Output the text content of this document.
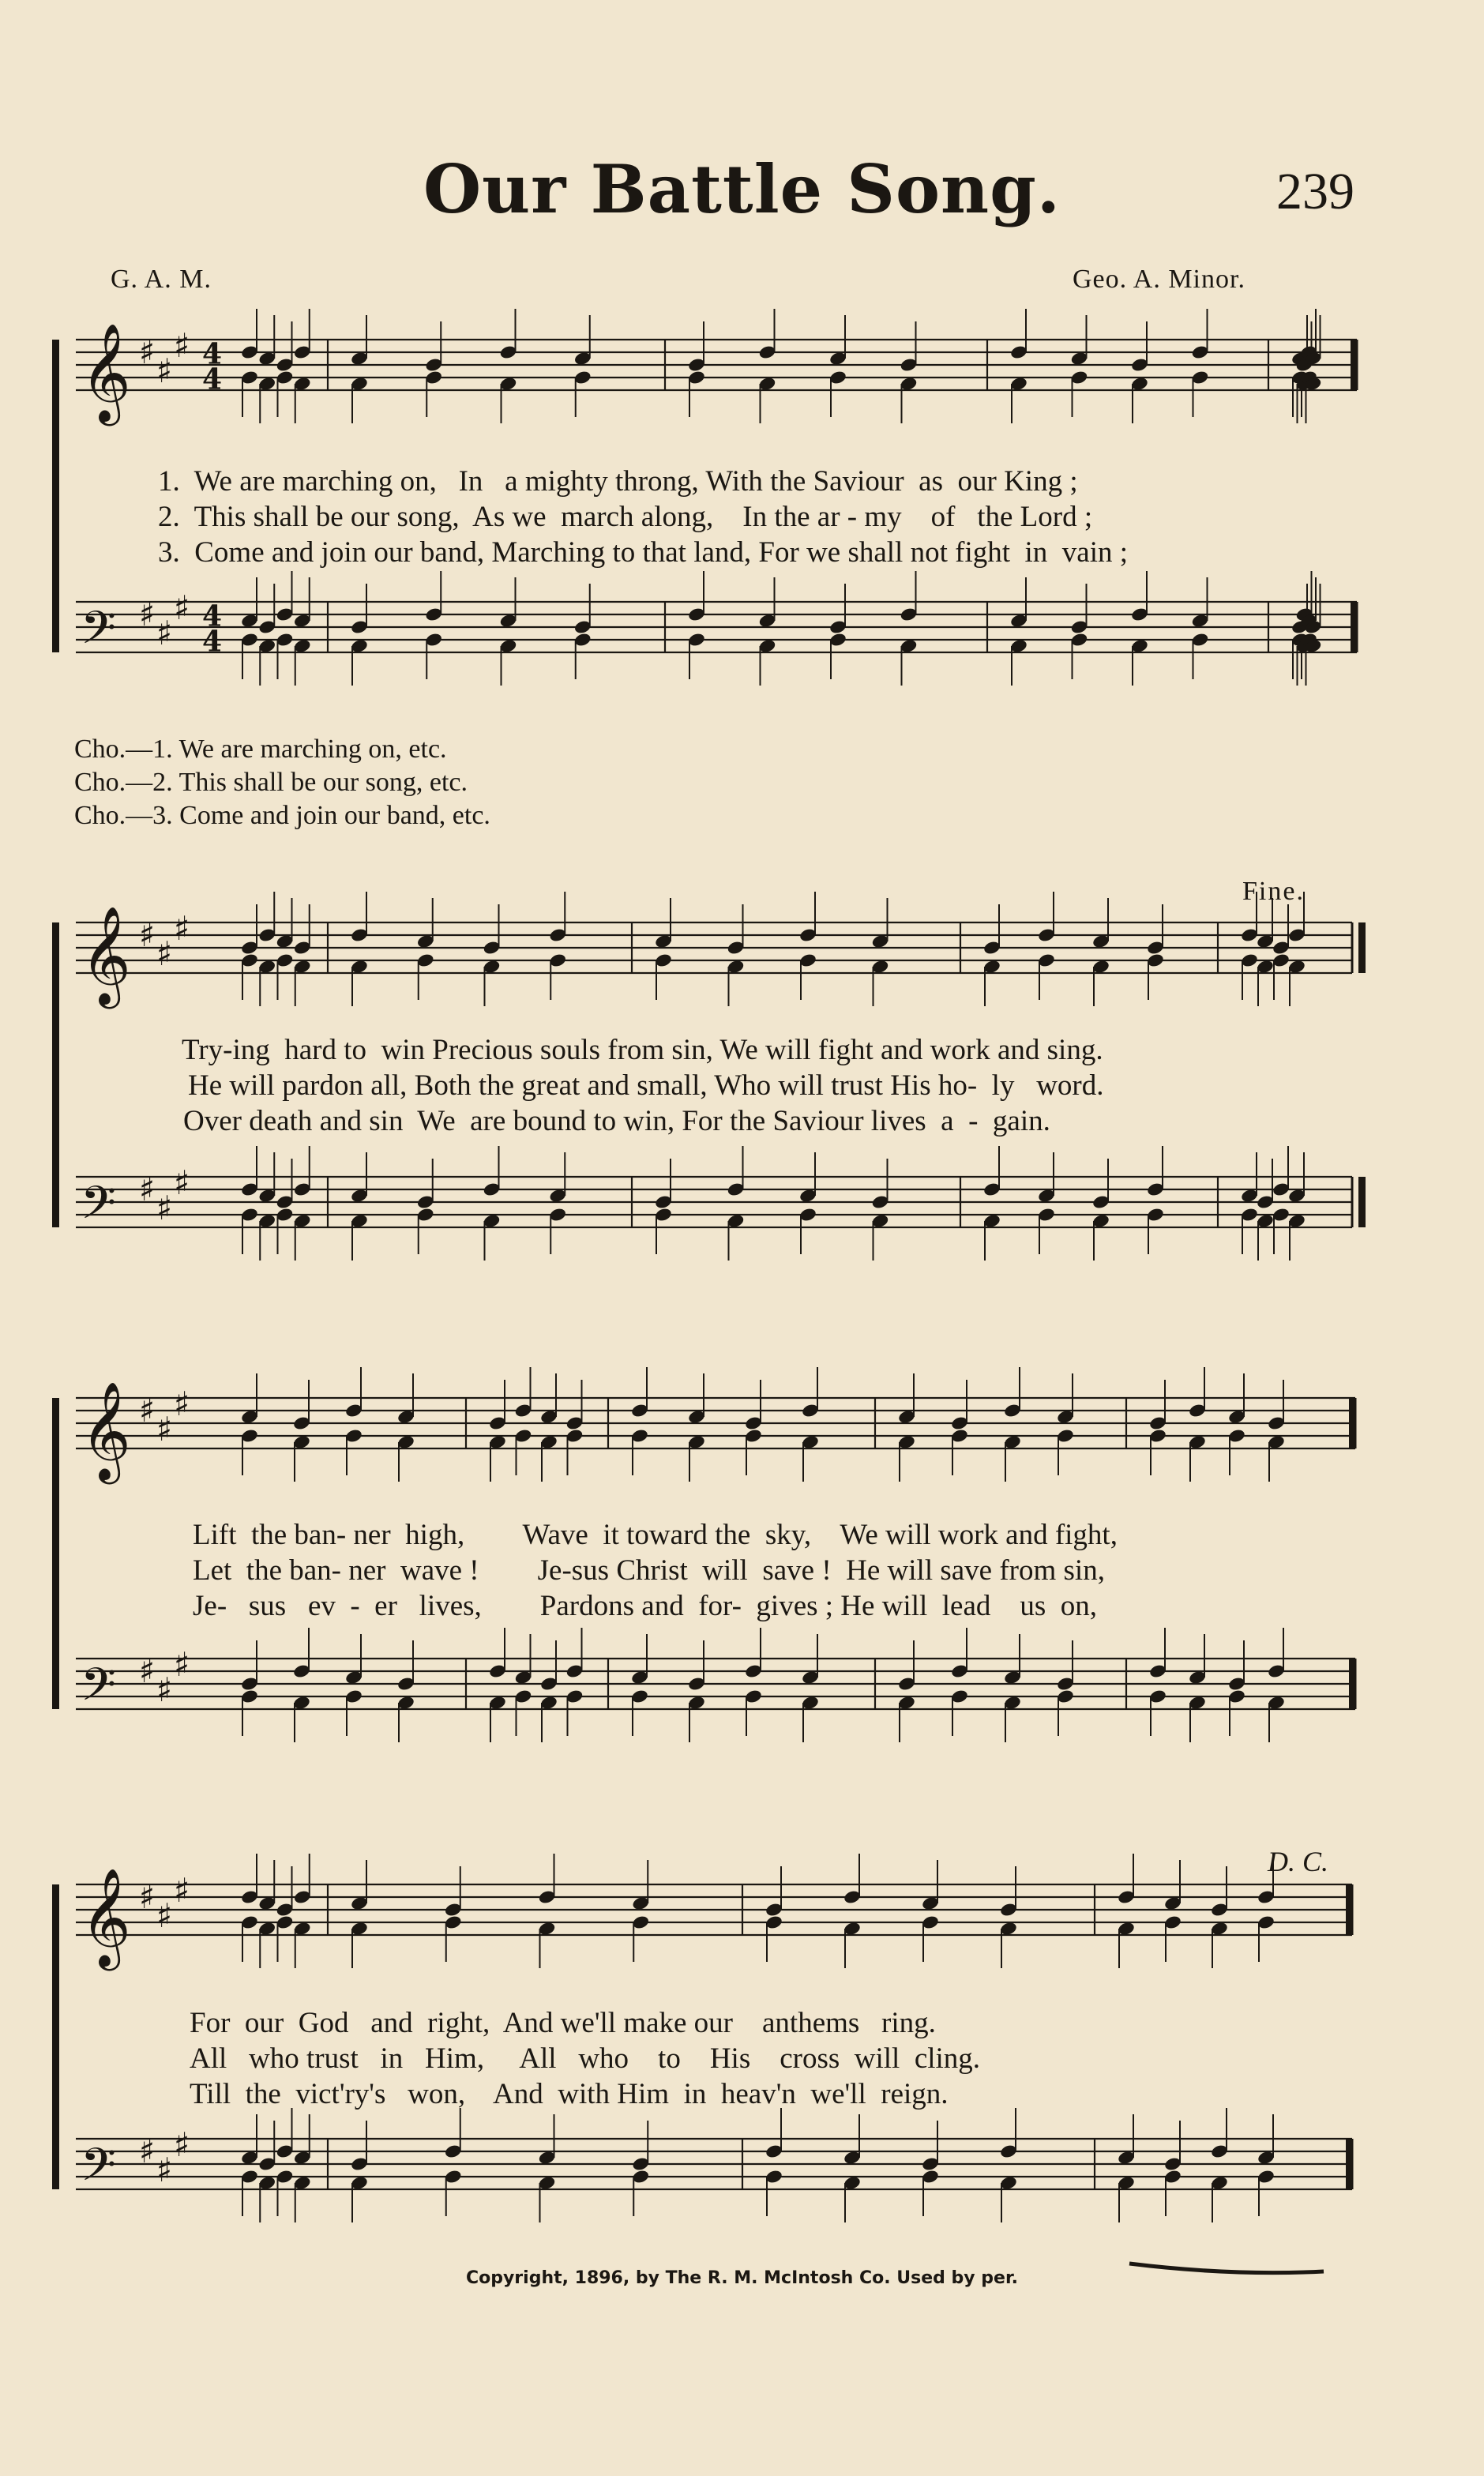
Our Battle Song.	239
G. A. M.	Geo. A. Minor.
𝄞 ♯ ♯
♯ 4
4
𝄢 ♯ ♯
♯ 4
4
𝄞 ♯ ♯
♯
𝄢 ♯ ♯
♯
𝄞 ♯ ♯
♯
𝄢 ♯ ♯
♯
𝄞 ♯ ♯
♯
𝄢 ♯ ♯
♯
1.  We are marching on,   In   a mighty throng, With the Saviour  as  our King ;
2.  This shall be our song,  As we  march along,    In the ar - my    of   the Lord ;
3.  Come and join our band, Marching to that land, For we shall not fight  in  vain ;
Cho.—1. We are marching on, etc.
Cho.—2. This shall be our song, etc.
Cho.—3. Come and join our band, etc.
Fine.
Try-ing  hard to  win Precious souls from sin, We will fight and work and sing.
He will pardon all, Both the great and small, Who will trust His ho-  ly   word.
Over death and sin  We  are bound to win, For the Saviour lives  a  -  gain.
Lift  the ban- ner  high,        Wave  it toward the  sky,    We will work and fight,
Let  the ban- ner  wave !        Je-sus Christ  will  save !  He will save from sin,
Je-   sus   ev  -  er   lives,        Pardons and  for-  gives ; He will  lead    us  on,
D. C.
For  our  God   and  right,  And we'll make our    anthems   ring.
All   who trust   in   Him,     All   who    to    His    cross  will  cling.
Till  the  vict'ry's   won,    And  with Him  in  heav'n  we'll  reign.
Copyright, 1896, by The R. M. McIntosh Co. Used by per.
